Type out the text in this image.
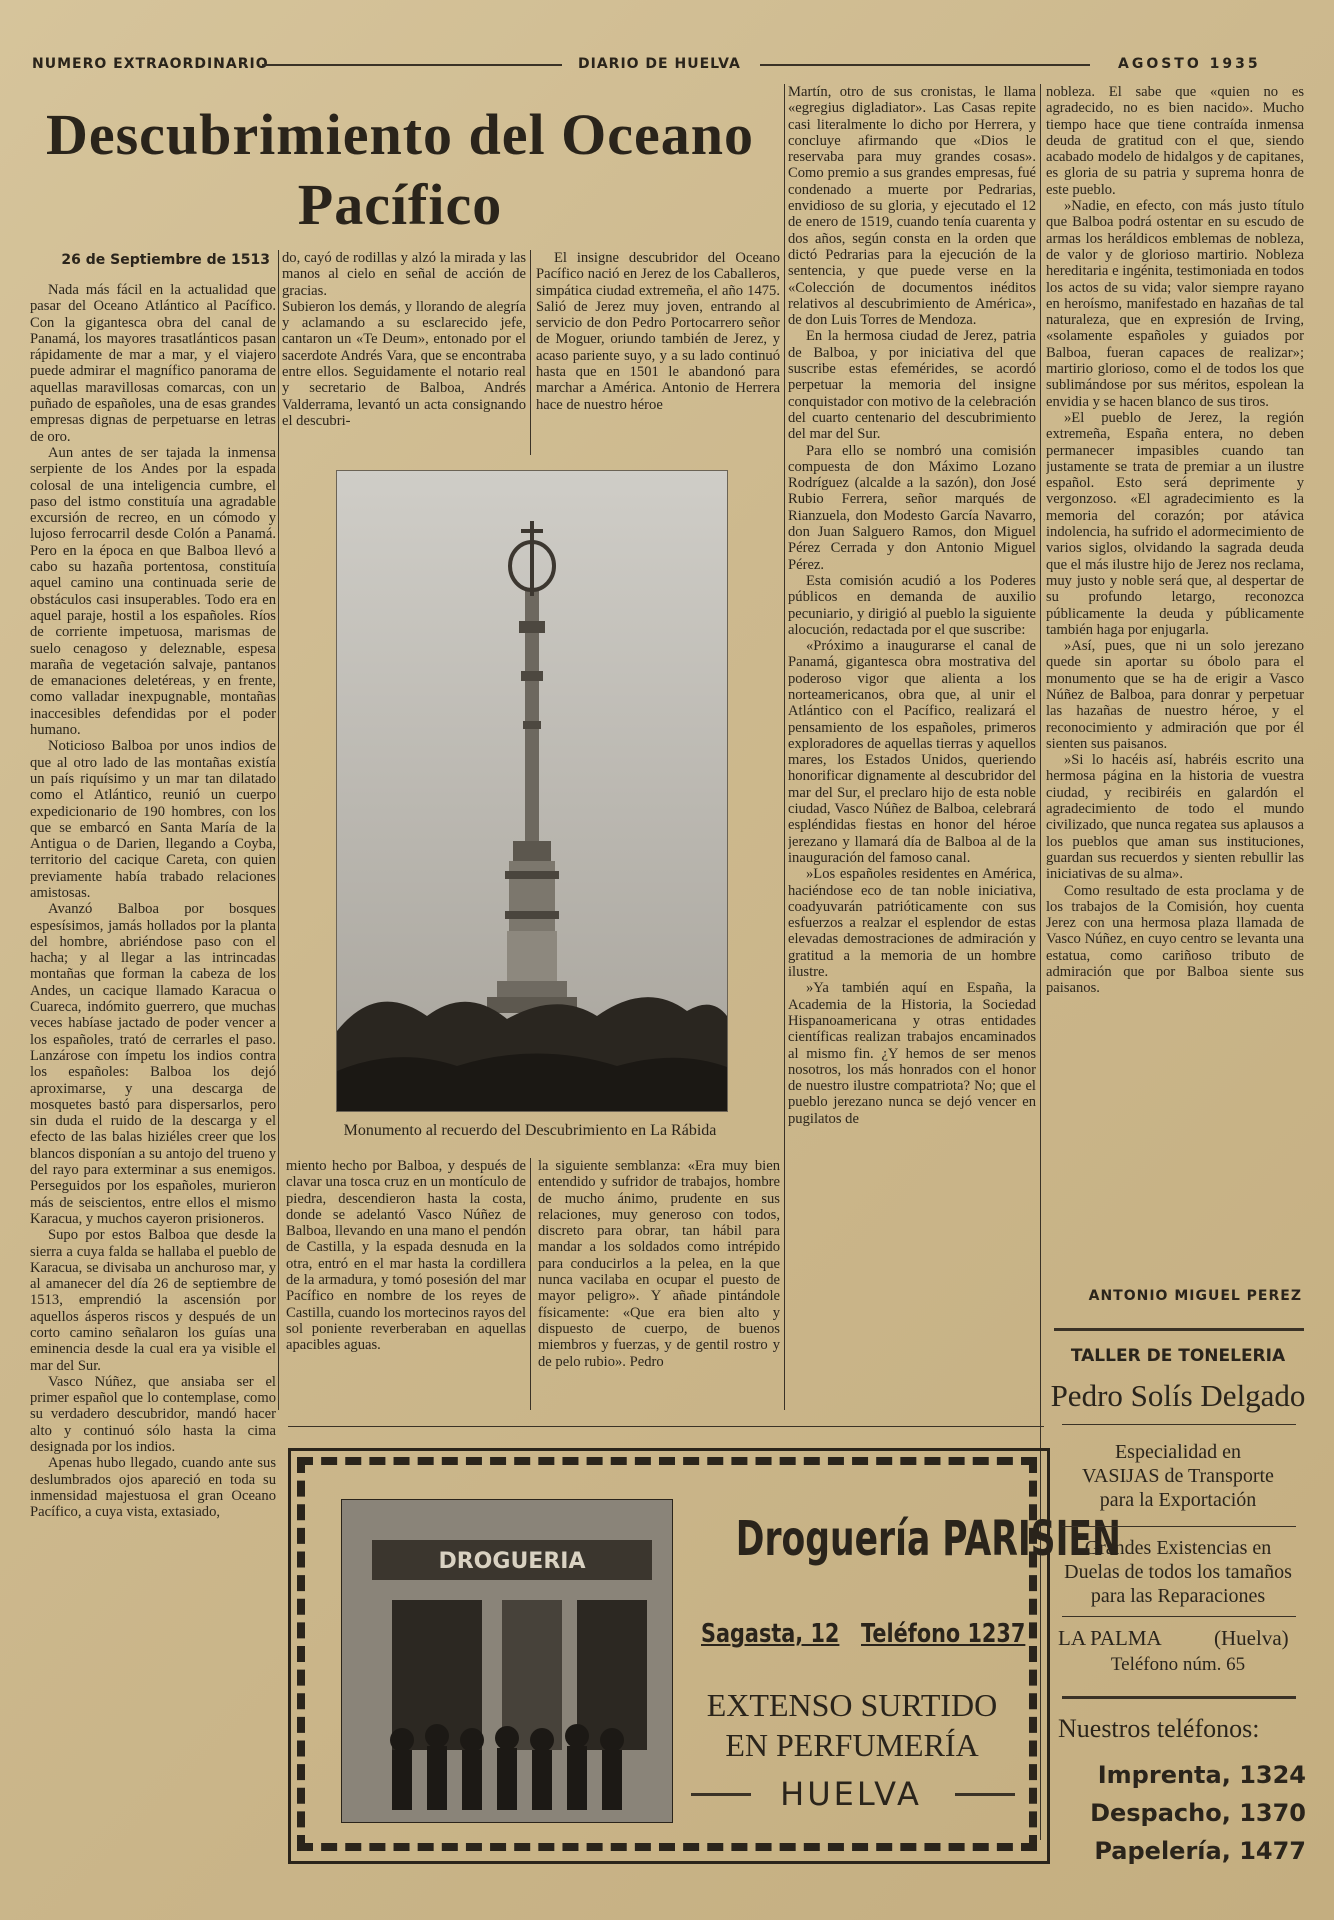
NUMERO EXTRAORDINARIO	DIARIO DE HUELVA	AGOSTO 1935
Descubrimiento del Oceano Pacífico
26 de Septiembre de 1513

Nada más fácil en la actualidad que pasar del Oceano Atlántico al Pacífico. Con la gigantesca obra del canal de Panamá, los mayores trasatlánticos pasan rápidamente de mar a mar, y el viajero puede admirar el magnífico panorama de aquellas maravillosas comarcas, con un puñado de españoles, una de esas grandes empresas dignas de perpetuarse en letras de oro.

Aun antes de ser tajada la inmensa serpiente de los Andes por la espada colosal de una inteligencia cumbre, el paso del istmo constituía una agradable excursión de recreo, en un cómodo y lujoso ferrocarril desde Colón a Panamá. Pero en la época en que Balboa llevó a cabo su hazaña portentosa, constituía aquel camino una continuada serie de obstáculos casi insuperables. Todo era en aquel paraje, hostil a los españoles. Ríos de corriente impetuosa, marismas de suelo cenagoso y deleznable, espesa maraña de vegetación salvaje, pantanos de emanaciones deletéreas, y en frente, como valladar inexpugnable, montañas inaccesibles defendidas por el poder humano.

Noticioso Balboa por unos indios de que al otro lado de las montañas existía un país riquísimo y un mar tan dilatado como el Atlántico, reunió un cuerpo expedicionario de 190 hombres, con los que se embarcó en Santa María de la Antigua o de Darien, llegando a Coyba, territorio del cacique Careta, con quien previamente había trabado relaciones amistosas.

Avanzó Balboa por bosques espesísimos, jamás hollados por la planta del hombre, abriéndose paso con el hacha; y al llegar a las intrincadas montañas que forman la cabeza de los Andes, un cacique llamado Karacua o Cuareca, indómito guerrero, que muchas veces habíase jactado de poder vencer a los españoles, trató de cerrarles el paso. Lanzárose con ímpetu los indios contra los españoles: Balboa los dejó aproximarse, y una descarga de mosquetes bastó para dispersarlos, pero sin duda el ruido de la descarga y el efecto de las balas hiziéles creer que los blancos disponían a su antojo del trueno y del rayo para exterminar a sus enemigos. Perseguidos por los españoles, murieron más de seiscientos, entre ellos el mismo Karacua, y muchos cayeron prisioneros.

Supo por estos Balboa que desde la sierra a cuya falda se hallaba el pueblo de Karacua, se divisaba un anchuroso mar, y al amanecer del día 26 de septiembre de 1513, emprendió la ascensión por aquellos ásperos riscos y después de un corto camino señalaron los guías una eminencia desde la cual era ya visible el mar del Sur.

Vasco Núñez, que ansiaba ser el primer español que lo contemplase, como su verdadero descubridor, mandó hacer alto y continuó sólo hasta la cima designada por los indios.

Apenas hubo llegado, cuando ante sus deslumbrados ojos apareció en toda su inmensidad majestuosa el gran Oceano Pacífico, a cuya vista, extasiado,

do, cayó de rodillas y alzó la mirada y las manos al cielo en señal de acción de gracias.
Subieron los demás, y llorando de alegría y aclamando a su esclarecido jefe, cantaron un «Te Deum», entonado por el sacerdote Andrés Vara, que se encontraba entre ellos. Seguidamente el notario real y secretario de Balboa, Andrés Valderrama, levantó un acta consignando el descubri-

El insigne descubridor del Oceano Pacífico nació en Jerez de los Caballeros, simpática ciudad extremeña, el año 1475. Salió de Jerez muy joven, entrando al servicio de don Pedro Portocarrero señor de Moguer, oriundo también de Jerez, y acaso pariente suyo, y a su lado continuó hasta que en 1501 le abandonó para marchar a América. Antonio de Herrera hace de nuestro héroe

Monumento al recuerdo del Descubrimiento en La Rábida

miento hecho por Balboa, y después de clavar una tosca cruz en un montículo de piedra, descendieron hasta la costa, donde se adelantó Vasco Núñez de Balboa, llevando en una mano el pendón de Castilla, y la espada desnuda en la otra, entró en el mar hasta la cordillera de la armadura, y tomó posesión del mar Pacífico en nombre de los reyes de Castilla, cuando los mortecinos rayos del sol poniente reverberaban en aquellas apacibles aguas.

la siguiente semblanza: «Era muy bien entendido y sufridor de trabajos, hombre de mucho ánimo, prudente en sus relaciones, muy generoso con todos, discreto para obrar, tan hábil para mandar a los soldados como intrépido para conducirlos a la pelea, en la que nunca vacilaba en ocupar el puesto de mayor peligro». Y añade pintándole físicamente: «Que era bien alto y dispuesto de cuerpo, de buenos miembros y fuerzas, y de gentil rostro y de pelo rubio». Pedro

Martín, otro de sus cronistas, le llama «egregius digladiator». Las Casas repite casi literalmente lo dicho por Herrera, y concluye afirmando que «Dios le reservaba para muy grandes cosas». Como premio a sus grandes empresas, fué condenado a muerte por Pedrarias, envidioso de su gloria, y ejecutado el 12 de enero de 1519, cuando tenía cuarenta y dos años, según consta en la orden que dictó Pedrarias para la ejecución de la sentencia, y que puede verse en la «Colección de documentos inéditos relativos al descubrimiento de América», de don Luis Torres de Mendoza.

En la hermosa ciudad de Jerez, patria de Balboa, y por iniciativa del que suscribe estas efemérides, se acordó perpetuar la memoria del insigne conquistador con motivo de la celebración del cuarto centenario del descubrimiento del mar del Sur.

Para ello se nombró una comisión compuesta de don Máximo Lozano Rodríguez (alcalde a la sazón), don José Rubio Ferrera, señor marqués de Rianzuela, don Modesto García Navarro, don Juan Salguero Ramos, don Miguel Pérez Cerrada y don Antonio Miguel Pérez.

Esta comisión acudió a los Poderes públicos en demanda de auxilio pecuniario, y dirigió al pueblo la siguiente alocución, redactada por el que suscribe:

«Próximo a inaugurarse el canal de Panamá, gigantesca obra mostrativa del poderoso vigor que alienta a los norteamericanos, obra que, al unir el Atlántico con el Pacífico, realizará el pensamiento de los españoles, primeros exploradores de aquellas tierras y aquellos mares, los Estados Unidos, queriendo honorificar dignamente al descubridor del mar del Sur, el preclaro hijo de esta noble ciudad, Vasco Núñez de Balboa, celebrará espléndidas fiestas en honor del héroe jerezano y llamará día de Balboa al de la inauguración del famoso canal.

»Los españoles residentes en América, haciéndose eco de tan noble iniciativa, coadyuvarán patrióticamente con sus esfuerzos a realzar el esplendor de estas elevadas demostraciones de admiración y gratitud a la memoria de un hombre ilustre.

»Ya también aquí en España, la Academia de la Historia, la Sociedad Hispanoamericana y otras entidades científicas realizan trabajos encaminados al mismo fin. ¿Y hemos de ser menos nosotros, los más honrados con el honor de nuestro ilustre compatriota? No; que el pueblo jerezano nunca se dejó vencer en pugilatos de

nobleza. El sabe que «quien no es agradecido, no es bien nacido». Mucho tiempo hace que tiene contraída inmensa deuda de gratitud con el que, siendo acabado modelo de hidalgos y de capitanes, es gloria de su patria y suprema honra de este pueblo.

»Nadie, en efecto, con más justo título que Balboa podrá ostentar en su escudo de armas los heráldicos emblemas de nobleza, de valor y de glorioso martirio. Nobleza hereditaria e ingénita, testimoniada en todos los actos de su vida; valor siempre rayano en heroísmo, manifestado en hazañas de tal naturaleza, que en expresión de Irving, «solamente españoles y guiados por Balboa, fueran capaces de realizar»; martirio glorioso, como el de todos los que sublimándose por sus méritos, espolean la envidia y se hacen blanco de sus tiros.

»El pueblo de Jerez, la región extremeña, España entera, no deben permanecer impasibles cuando tan justamente se trata de premiar a un ilustre español. Esto será deprimente y vergonzoso. «El agradecimiento es la memoria del corazón; por atávica indolencia, ha sufrido el adormecimiento de varios siglos, olvidando la sagrada deuda que el más ilustre hijo de Jerez nos reclama, muy justo y noble será que, al despertar de su profundo letargo, reconozca públicamente la deuda y públicamente también haga por enjugarla.

»Así, pues, que ni un solo jerezano quede sin aportar su óbolo para el monumento que se ha de erigir a Vasco Núñez de Balboa, para donrar y perpetuar las hazañas de nuestro héroe, y el reconocimiento y admiración que por él sienten sus paisanos.

»Si lo hacéis así, habréis escrito una hermosa página en la historia de vuestra ciudad, y recibiréis en galardón el agradecimiento de todo el mundo civilizado, que nunca regatea sus aplausos a los pueblos que aman sus instituciones, guardan sus recuerdos y sienten rebullir las iniciativas de su alma».

Como resultado de esta proclama y de los trabajos de la Comisión, hoy cuenta Jerez con una hermosa plaza llamada de Vasco Núñez, en cuyo centro se levanta una estatua, como cariñoso tributo de admiración que por Balboa siente sus paisanos.

ANTONIO MIGUEL PEREZ
DROGUERIA	Droguería PARISIEN
Sagasta, 12 Teléfono 1237
EXTENSO SURTIDO
EN PERFUMERÍA
HUELVA
TALLER DE TONELERIA
Pedro Solís Delgado
Especialidad en
VASIJAS de Transporte
para la Exportación
Grandes Existencias en
Duelas de todos los tamaños
para las Reparaciones
LA PALMA (Huelva)
Teléfono núm. 65
Nuestros teléfonos:
Imprenta, 1324
Despacho, 1370
Papelería, 1477
